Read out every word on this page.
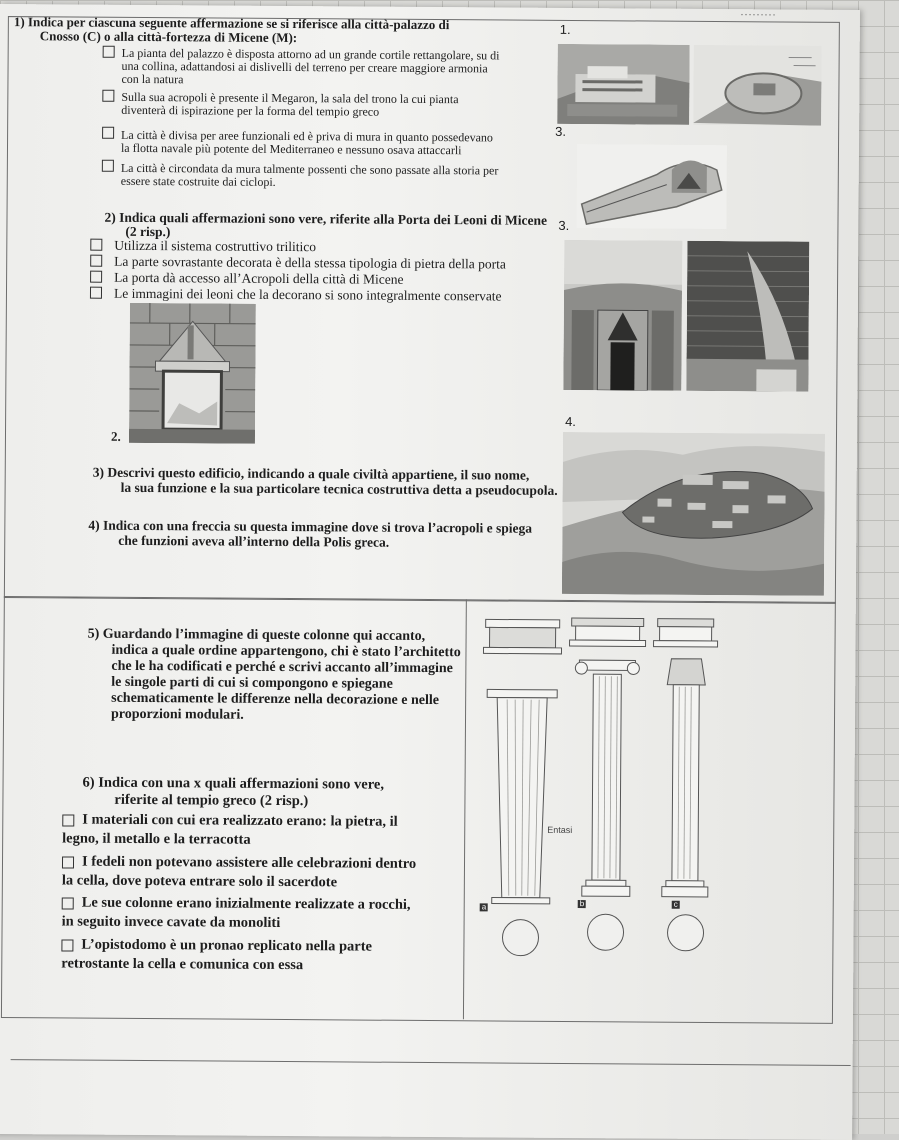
………
1) Indica per ciascuna seguente affermazione se si riferisce alla città-palazzo di
Cnosso (C) o alla città-fortezza di Micene (M):
La pianta del palazzo è disposta attorno ad un grande cortile rettangolare, su di
una collina, adattandosi ai dislivelli del terreno per creare maggiore armonia
con la natura
Sulla sua acropoli è presente il Megaron, la sala del trono la cui pianta
diventerà di ispirazione per la forma del tempio greco
La città è divisa per aree funzionali ed è priva di mura in quanto possedevano
la flotta navale più potente del Mediterraneo e nessuno osava attaccarli
La città è circondata da mura talmente possenti che sono passate alla storia per
essere state costruite dai ciclopi.
1.
3.
2) Indica quali affermazioni sono vere, riferite alla Porta dei Leoni di Micene
(2 risp.)
Utilizza il sistema costruttivo trilitico
La parte sovrastante decorata è della stessa tipologia di pietra della porta
La porta dà accesso all’Acropoli della città di Micene
Le immagini dei leoni che la decorano si sono integralmente conservate
2.
3.
4.
3) Descrivi questo edificio, indicando a quale civiltà appartiene, il suo nome,
la sua funzione e la sua particolare tecnica costruttiva detta a pseudocupola.
4) Indica con una freccia su questa immagine dove si trova l’acropoli e spiega
che funzioni aveva all’interno della Polis greca.
5) Guardando l’immagine di queste colonne qui accanto,
indica a quale ordine appartengono, chi è stato l’architetto
che le ha codificati e perché e scrivi accanto all’immagine
le singole parti di cui si compongono e spiegane
schematicamente le differenze nella decorazione e nelle
proporzioni modulari.
6) Indica con una x quali affermazioni sono vere,
riferite al tempio greco (2 risp.)
I materiali con cui era realizzato erano: la pietra, il
legno, il metallo e la terracotta
I fedeli non potevano assistere alle celebrazioni dentro
la cella, dove poteva entrare solo il sacerdote
Le sue colonne erano inizialmente realizzate a rocchi,
in seguito invece cavate da monoliti
L’opistodomo è un pronao replicato nella parte
retrostante la cella e comunica con essa
Entasi
a	b	c
